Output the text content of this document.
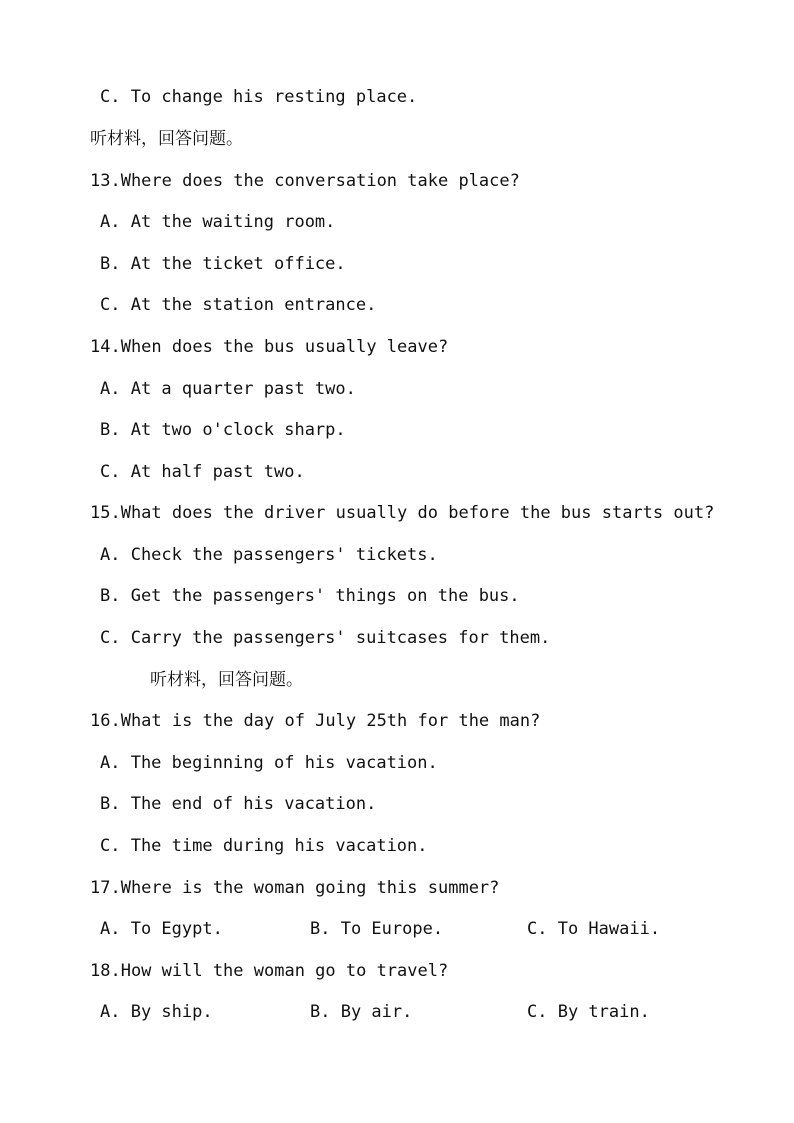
C. To change his resting place.
听材料，回答问题。
13.Where does the conversation take place?
A. At the waiting room.
B. At the ticket office.
C. At the station entrance.
14.When does the bus usually leave?
A. At a quarter past two.
B. At two o'clock sharp.
C. At half past two.
15.What does the driver usually do before the bus starts out?
A. Check the passengers' tickets.
B. Get the passengers' things on the bus.
C. Carry the passengers' suitcases for them.
听材料，回答问题。
16.What is the day of July 25th for the man?
A. The beginning of his vacation.
B. The end of his vacation.
C. The time during his vacation.
17.Where is the woman going this summer?
A. To Egypt.	B. To Europe.	C. To Hawaii.
18.How will the woman go to travel?
A. By ship.	B. By air.	C. By train.
